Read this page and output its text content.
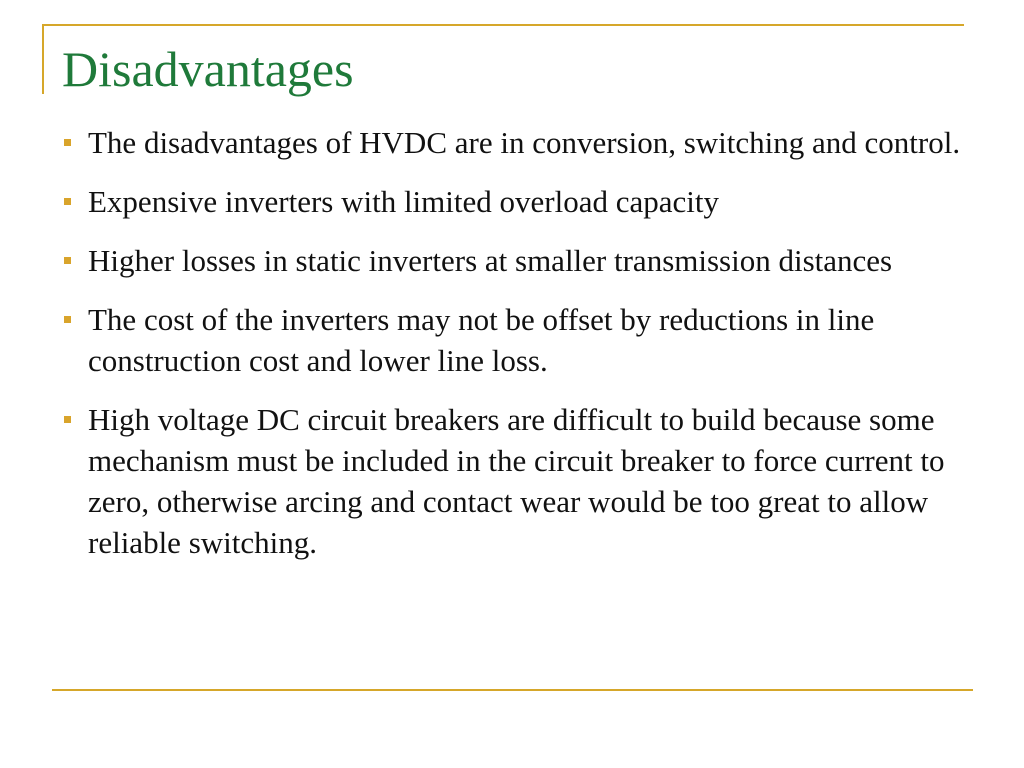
Disadvantages
The disadvantages of HVDC are in conversion, switching and control.
Expensive inverters with limited overload capacity
Higher losses in static inverters at smaller transmission distances
The cost of the inverters may not be offset by reductions in line construction cost and lower line loss.
High voltage DC circuit breakers are difficult to build because some mechanism must be included in the circuit breaker to force current to zero, otherwise arcing and contact wear would be too great to allow reliable switching.
